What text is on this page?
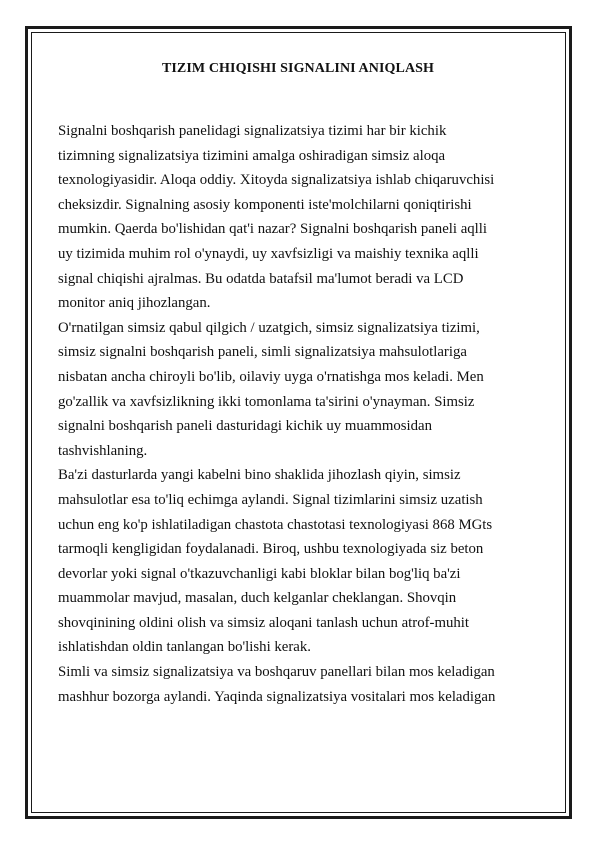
TIZIM CHIQISHI SIGNALINI ANIQLASH

Signalni boshqarish panelidagi signalizatsiya tizimi har bir kichik
tizimning signalizatsiya tizimini amalga oshiradigan simsiz aloqa
texnologiyasidir. Aloqa oddiy. Xitoyda signalizatsiya ishlab chiqaruvchisi
cheksizdir. Signalning asosiy komponenti iste'molchilarni qoniqtirishi
mumkin. Qaerda bo'lishidan qat'i nazar? Signalni boshqarish paneli aqlli
uy tizimida muhim rol o'ynaydi, uy xavfsizligi va maishiy texnika aqlli
signal chiqishi ajralmas. Bu odatda batafsil ma'lumot beradi va LCD
monitor aniq jihozlangan.

O'rnatilgan simsiz qabul qilgich / uzatgich, simsiz signalizatsiya tizimi,
simsiz signalni boshqarish paneli, simli signalizatsiya mahsulotlariga
nisbatan ancha chiroyli bo'lib, oilaviy uyga o'rnatishga mos keladi. Men
go'zallik va xavfsizlikning ikki tomonlama ta'sirini o'ynayman. Simsiz
signalni boshqarish paneli dasturidagi kichik uy muammosidan
tashvishlaning.

Ba'zi dasturlarda yangi kabelni bino shaklida jihozlash qiyin, simsiz
mahsulotlar esa to'liq echimga aylandi. Signal tizimlarini simsiz uzatish
uchun eng ko'p ishlatiladigan chastota chastotasi texnologiyasi 868 MGts
tarmoqli kengligidan foydalanadi. Biroq, ushbu texnologiyada siz beton
devorlar yoki signal o'tkazuvchanligi kabi bloklar bilan bog'liq ba'zi
muammolar mavjud, masalan, duch kelganlar cheklangan. Shovqin
shovqinining oldini olish va simsiz aloqani tanlash uchun atrof-muhit
ishlatishdan oldin tanlangan bo'lishi kerak.

Simli va simsiz signalizatsiya va boshqaruv panellari bilan mos keladigan
mashhur bozorga aylandi. Yaqinda signalizatsiya vositalari mos keladigan
